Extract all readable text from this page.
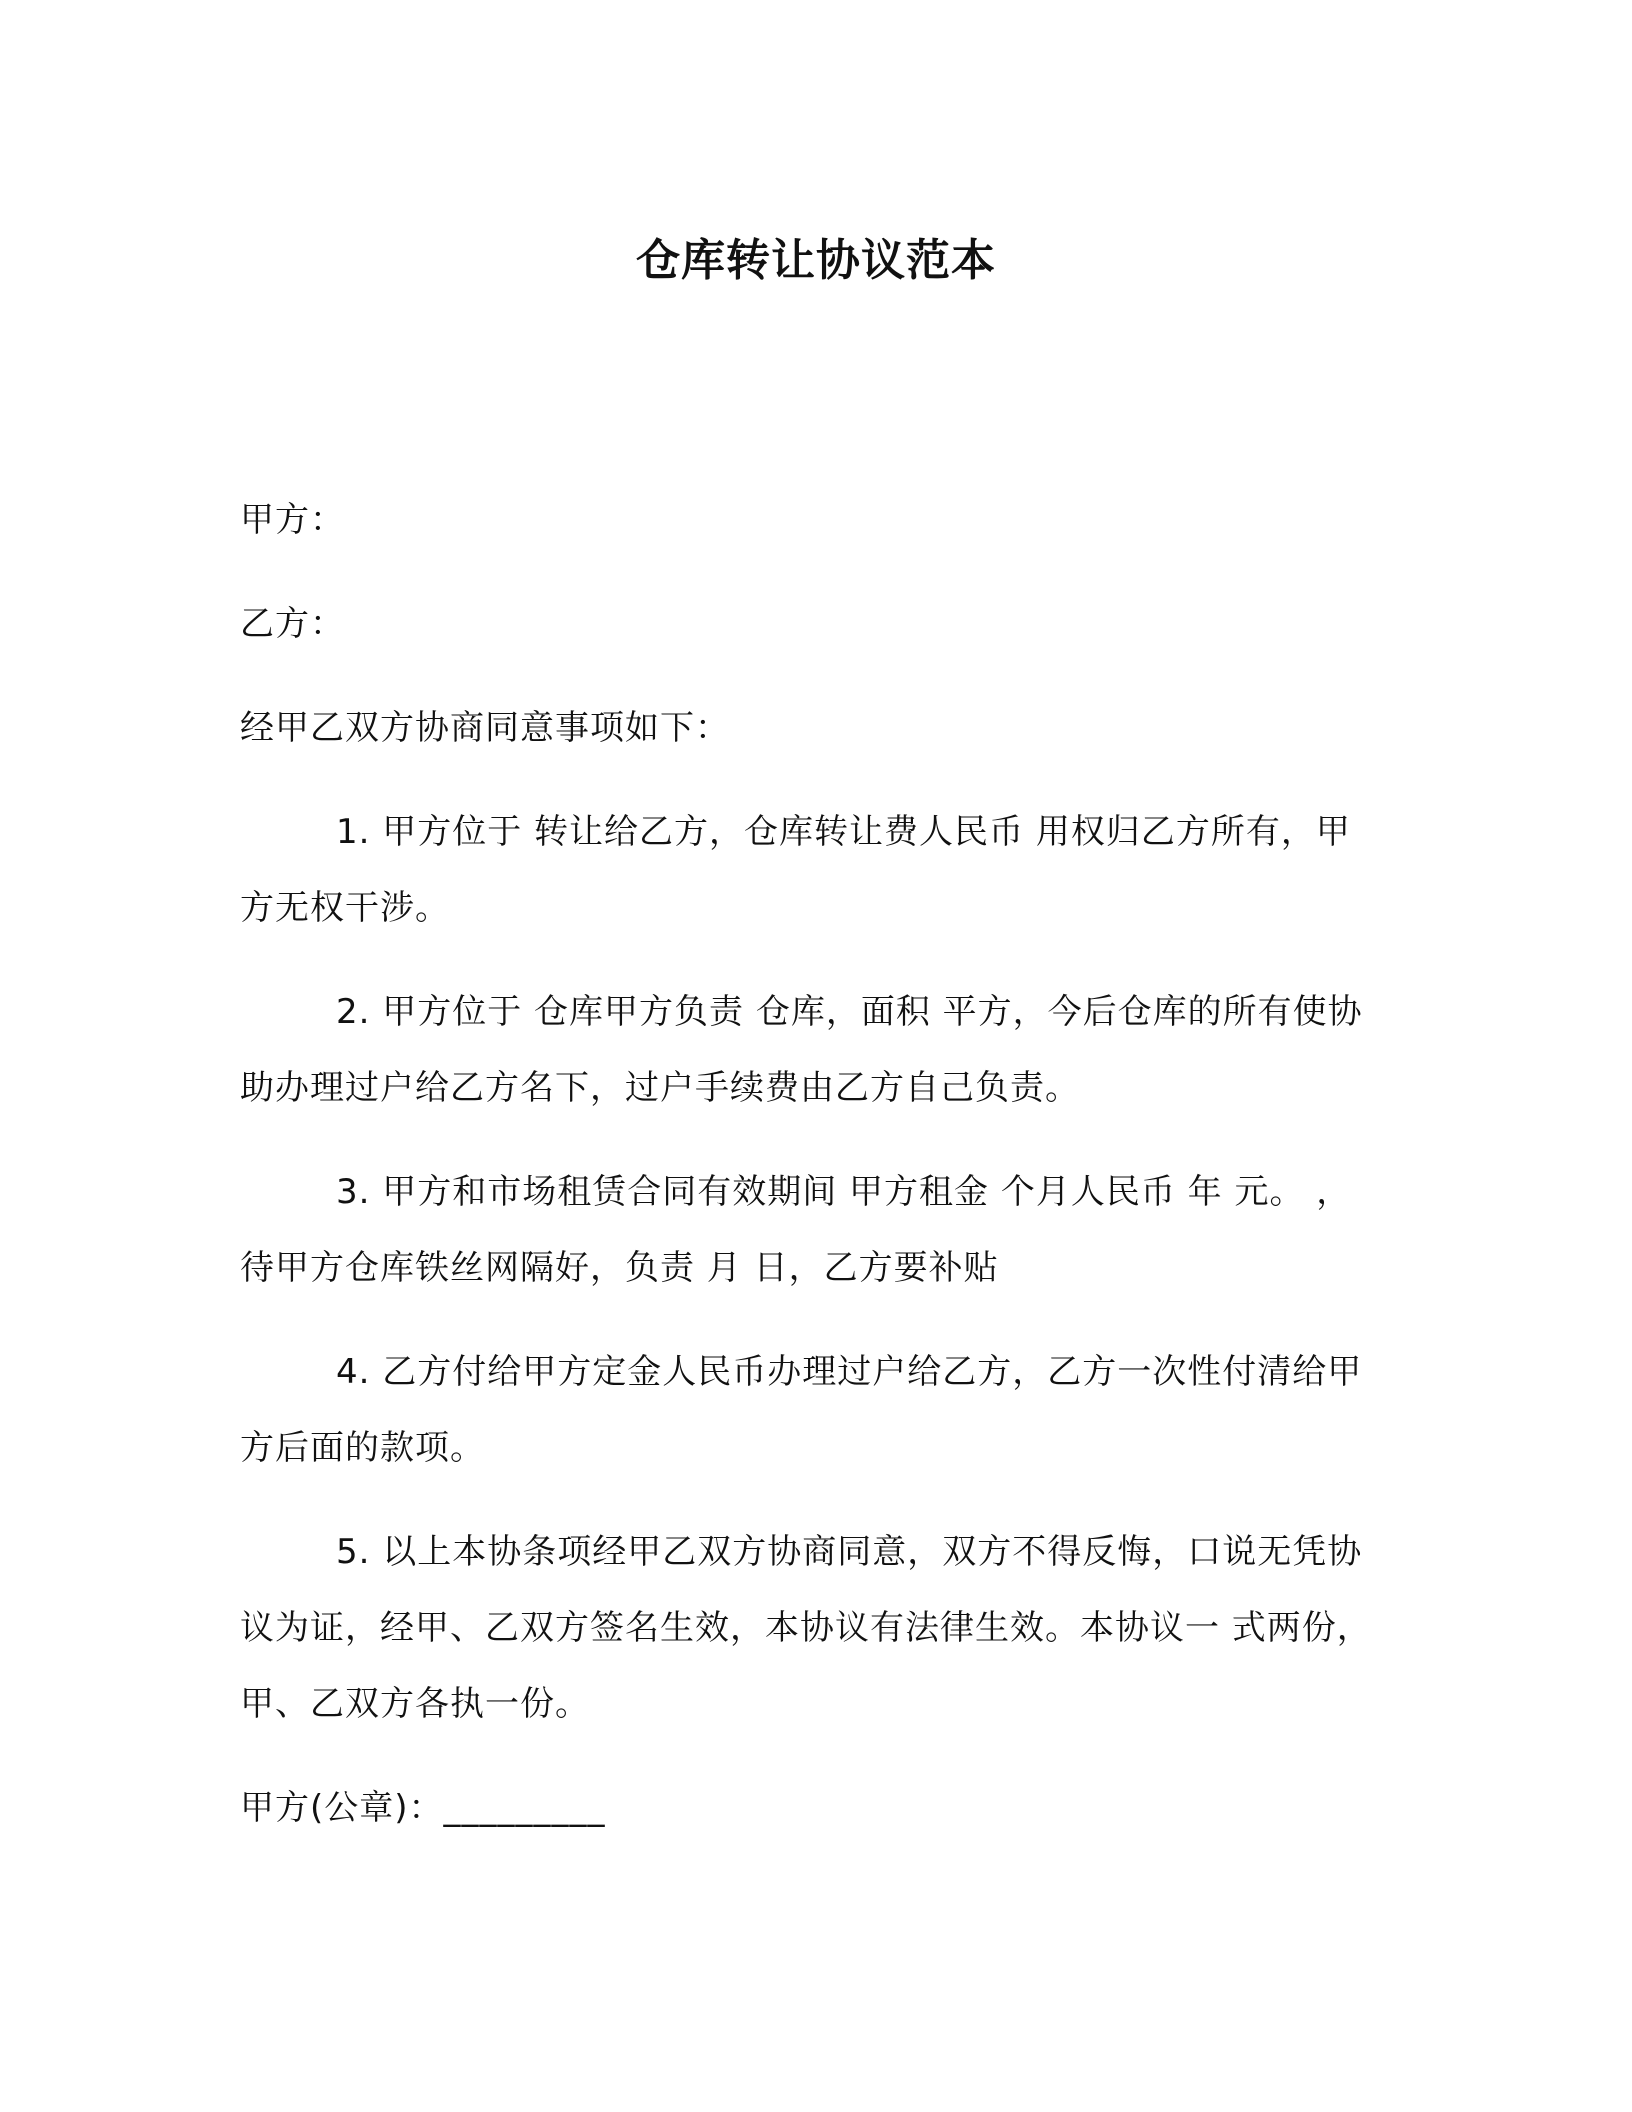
仓库转让协议范本
甲方：
乙方：
经甲乙双方协商同意事项如下：
1. 甲方位于 转让给乙方，仓库转让费人民币 用权归乙方所有，甲方无权干涉。
2. 甲方位于 仓库甲方负责 仓库，面积 平方，今后仓库的所有使协助办理过户给乙方名下，过户手续费由乙方自己负责。
3. 甲方和市场租赁合同有效期间 甲方租金 个月人民币 年 元。 ，待甲方仓库铁丝网隔好，负责 月 日，乙方要补贴
4. 乙方付给甲方定金人民币办理过户给乙方，乙方一次性付清给甲方后面的款项。
5. 以上本协条项经甲乙双方协商同意，双方不得反悔，口说无凭协 议为证，经甲、乙双方签名生效，本协议有法律生效。本协议一 式两份，甲、乙双方各执一份。
甲方(公章)：_________
